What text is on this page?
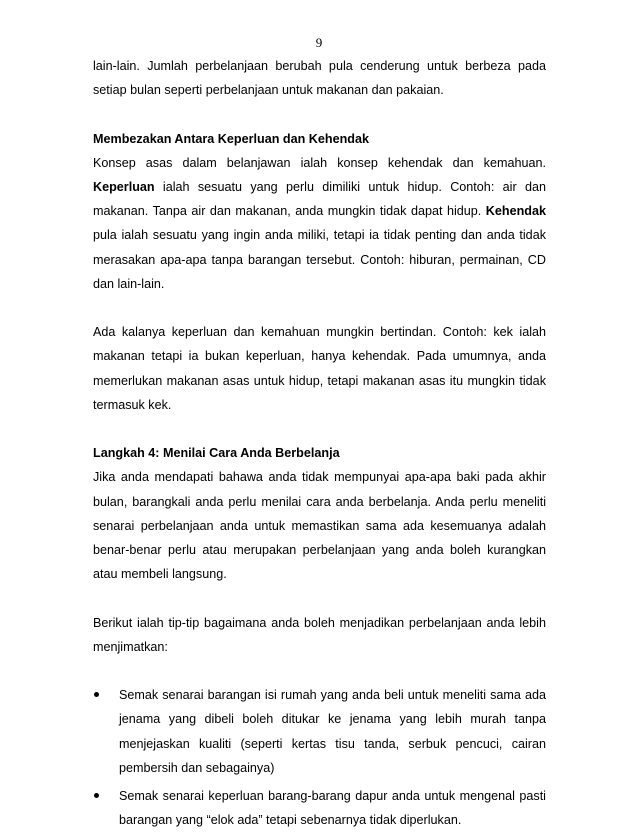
9

lain-lain. Jumlah perbelanjaan berubah pula cenderung untuk berbeza pada setiap bulan seperti perbelanjaan untuk makanan dan pakaian.

Membezakan Antara Keperluan dan Kehendak

Konsep asas dalam belanjawan ialah konsep kehendak dan kemahuan. Keperluan ialah sesuatu yang perlu dimiliki untuk hidup. Contoh: air dan makanan. Tanpa air dan makanan, anda mungkin tidak dapat hidup. Kehendak pula ialah sesuatu yang ingin anda miliki, tetapi ia tidak penting dan anda tidak merasakan apa-apa tanpa barangan tersebut. Contoh: hiburan, permainan, CD dan lain-lain.

Ada kalanya keperluan dan kemahuan mungkin bertindan. Contoh: kek ialah makanan tetapi ia bukan keperluan, hanya kehendak. Pada umumnya, anda memerlukan makanan asas untuk hidup, tetapi makanan asas itu mungkin tidak termasuk kek.

Langkah 4: Menilai Cara Anda Berbelanja

Jika anda mendapati bahawa anda tidak mempunyai apa-apa baki pada akhir bulan, barangkali anda perlu menilai cara anda berbelanja. Anda perlu meneliti senarai perbelanjaan anda untuk memastikan sama ada kesemuanya adalah benar-benar perlu atau merupakan perbelanjaan yang anda boleh kurangkan atau membeli langsung.

Berikut ialah tip-tip bagaimana anda boleh menjadikan perbelanjaan anda lebih menjimatkan:

Semak senarai barangan isi rumah yang anda beli untuk meneliti sama ada jenama yang dibeli boleh ditukar ke jenama yang lebih murah tanpa menjejaskan kualiti (seperti kertas tisu tanda, serbuk pencuci, cairan pembersih dan sebagainya)
Semak senarai keperluan barang-barang dapur anda untuk mengenal pasti barangan yang “elok ada” tetapi sebenarnya tidak diperlukan.
